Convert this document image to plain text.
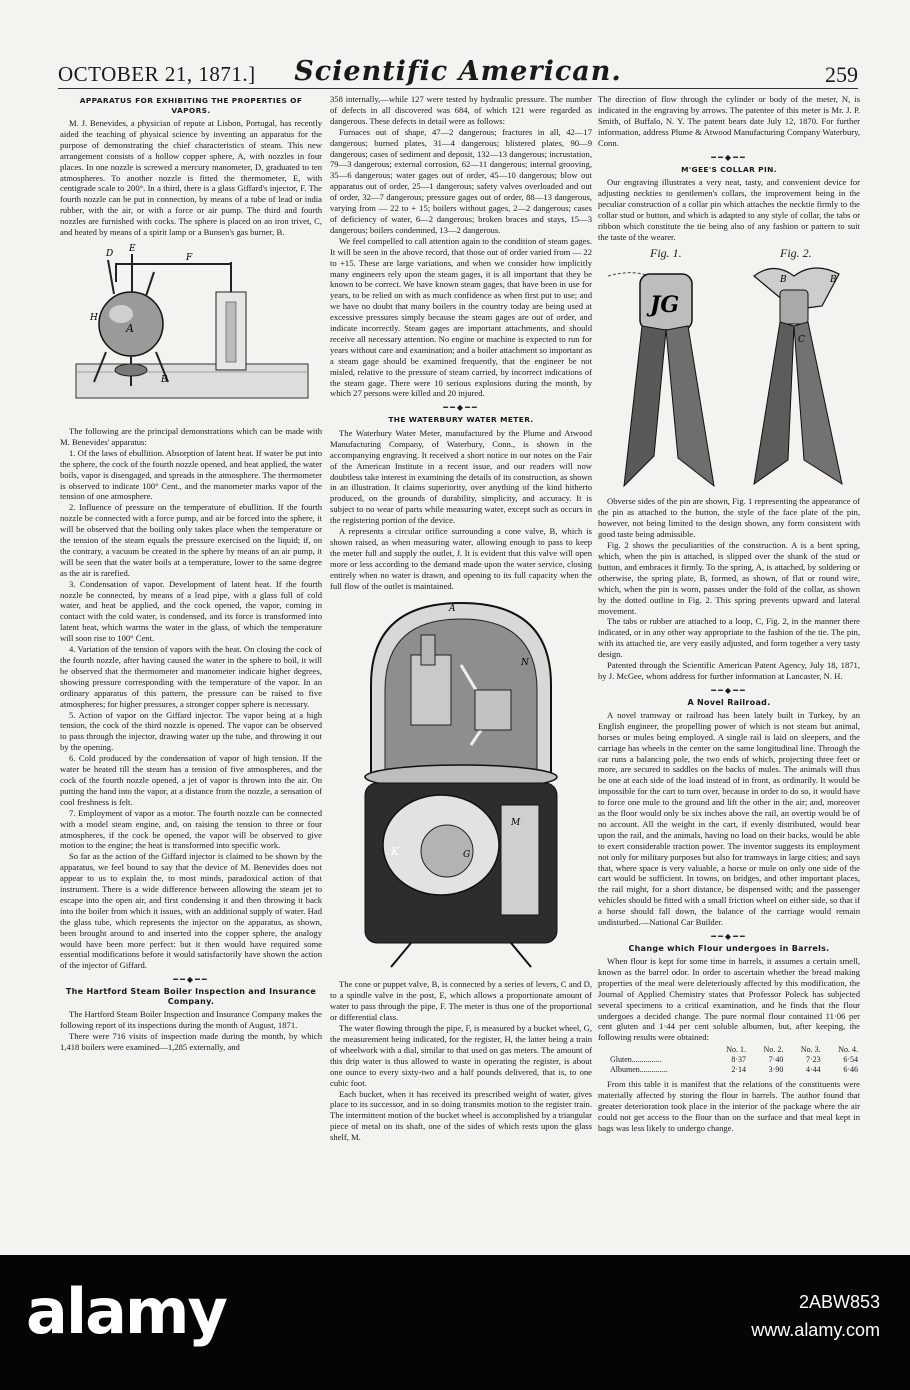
OCTOBER 21, 1871.]	Scientific American.	259
APPARATUS FOR EXHIBITING THE PROPERTIES OF VAPORS.

M. J. Benevides, a physician of repute at Lisbon, Portugal, has recently aided the teaching of physical science by inventing an apparatus for the purpose of demonstrating the chief characteristics of steam. This new arrangement consists of a hollow copper sphere, A, with nozzles in four places. In one nozzle is screwed a mercury manometer, D, graduated to ten atmospheres. To another nozzle is fitted the thermometer, E, with centigrade scale to 200°. In a third, there is a glass Giffard's injector, F. The fourth nozzle can be put in connection, by means of a tube of lead or india rubber, with the air, or with a force or air pump. The third and fourth nozzles are furnished with cocks. The sphere is placed on an iron trivet, C, and heated by means of a spirit lamp or a Bunsen's gas burner, B.

A
D E
F
H
B

The following are the principal demonstrations which can be made with M. Benevides' apparatus:

1. Of the laws of ebullition. Absorption of latent heat. If water be put into the sphere, the cock of the fourth nozzle opened, and heat applied, the water boils, vapor is disengaged, and spreads in the atmosphere. The thermometer is observed to indicate 100° Cent., and the manometer marks vapor of the tension of one atmosphere.

2. Influence of pressure on the temperature of ebullition. If the fourth nozzle be connected with a force pump, and air be forced into the sphere, it will be observed that the boiling only takes place when the temperature or the tension of the steam equals the pressure exercised on the liquid; if, on the contrary, a vacuum be created in the sphere by means of an air pump, it will be seen that the water boils at a temperature, lower to the same degree as the air is rarefied.

3. Condensation of vapor. Development of latent heat. If the fourth nozzle be connected, by means of a lead pipe, with a glass full of cold water, and heat be applied, and the cock opened, the vapor, coming in contact with the cold water, is condensed, and its force is transformed into latent heat, which warms the water in the glass, of which the temperature will soon rise to 100° Cent.

4. Variation of the tension of vapors with the heat. On closing the cock of the fourth nozzle, after having caused the water in the sphere to boil, it will be observed that the thermometer and manometer indicate higher degrees, showing pressure corresponding with the temperature of the vapor. In an ordinary apparatus of this pattern, the pressure can be raised to five atmospheres; for higher pressures, a stronger copper sphere is necessary.

5. Action of vapor on the Giffard injector. The vapor being at a high tension, the cock of the third nozzle is opened. The vapor can be observed to pass through the injector, drawing water up the tube, and throwing it out by the opening.

6. Cold produced by the condensation of vapor of high tension. If the water be heated till the steam has a tension of five atmospheres, and the cock of the fourth nozzle opened, a jet of vapor is thrown into the air. On putting the hand into the vapor, at a distance from the nozzle, a sensation of cool freshness is felt.

7. Employment of vapor as a motor. The fourth nozzle can be connected with a model steam engine, and, on raising the tension to three or four atmospheres, if the cock be opened, the vapor will be observed to give motion to the engine; the heat is transformed into specific work.

So far as the action of the Giffard injector is claimed to be shown by the apparatus, we feel bound to say that the device of M. Benevides does not appear to us to explain the, to most minds, paradoxical action of that instrument. There is a wide difference between allowing the steam jet to escape into the open air, and first condensing it and then throwing it back into the boiler from which it issues, with an additional supply of water. Had the glass tube, which represents the injector on the apparatus, as shown, been brought around to and inserted into the copper sphere, the analogy would have been more perfect: but it then would have required some essential modifications before it would satisfactorily have shown the action of the injector of Giffard.

━━◆━━
The Hartford Steam Boiler Inspection and Insurance Company.

The Hartford Steam Boiler Inspection and Insurance Company makes the following report of its inspections during the month of August, 1871.

There were 716 visits of inspection made during the month, by which 1,418 boilers were examined—1,285 externally, and

358 internally,—while 127 were tested by hydraulic pressure. The number of defects in all discovered was 684, of which 121 were regarded as dangerous. These defects in detail were as follows:

Furnaces out of shape, 47—2 dangerous; fractures in all, 42—17 dangerous; burned plates, 31—4 dangerous; blistered plates, 90—9 dangerous; cases of sediment and deposit, 132—13 dangerous; incrustation, 79—3 dangerous; external corrosion, 62—11 dangerous; internal grooving, 35—6 dangerous; water gages out of order, 45—10 dangerous; blow out apparatus out of order, 25—1 dangerous; safety valves overloaded and out of order, 32—7 dangerous; pressure gages out of order, 88—13 dangerous, varying from — 22 to + 15; boilers without gages, 2—2 dangerous; cases of deficiency of water, 6—2 dangerous; broken braces and stays, 15—3 dangerous; boilers condemned, 13—2 dangerous.

We feel compelled to call attention again to the condition of steam gages. It will be seen in the above record, that those out of order varied from — 22 to +15. These are large variations, and when we consider how implicitly many engineers rely upon the steam gages, it is all important that they be known to be correct. We have known steam gages, that have been in use for years, to be relied on with as much confidence as when first put to use; and we have no doubt that many boilers in the country today are being used at excessive pressures simply because the steam gages are out of order, and indicate incorrectly. Steam gages are important attachments, and should receive all necessary attention. No engine or machine is expected to run for years without care and examination; and a boiler attachment so important as a steam gage should be examined frequently, that the engineer be not misled, relative to the pressure of steam carried, by incorrect indications of the steam gage. There were 10 serious explosions during the month, by which 27 persons were killed and 20 injured.

━━◆━━
THE WATERBURY WATER METER.

The Waterbury Water Meter, manufactured by the Plume and Atwood Manufacturing Company, of Waterbury, Conn., is shown in the accompanying engraving. It received a short notice in our notes on the Fair of the American Institute in a recent issue, and our readers will now doubtless take interest in examining the details of its construction, as shown in an illustration. It claims superiority, over anything of the kind hitherto produced, on the grounds of durability, simplicity, and accuracy. It is subject to no wear of parts while measuring water, except such as occurs in the registering portion of the device.

A represents a circular orifice surrounding a cone valve, B, which is shown raised, as when measuring water, allowing enough to pass to keep the meter full and supply the outlet, J. It is evident that this valve will open more or less according to the demand made upon the water service, closing entirely when no water is drawn, and opening to its full capacity when the full flow of the outlet is maintained.

A
N
K	G
M

The cone or puppet valve, B, is connected by a series of levers, C and D, to a spindle valve in the post, E, which allows a proportionate amount of water to pass through the pipe, F. The meter is thus one of the proportional or differential class.

The water flowing through the pipe, F, is measured by a bucket wheel, G, the measurement being indicated, for the register, H, the latter being a train of wheelwork with a dial, similar to that used on gas meters. The amount of this drip water is thus allowed to waste in operating the register, is about one ounce to every sixty-two and a half pounds delivered, that is, to one cubic foot.

Each bucket, when it has received its prescribed weight of water, gives place to its successor, and in so doing transmits motion to the register train. The intermittent motion of the bucket wheel is accomplished by a triangular piece of metal on its shaft, one of the sides of which rests upon the glass shelf, M.

The direction of flow through the cylinder or body of the meter, N, is indicated in the engraving by arrows. The patentee of this meter is Mr. J. P. Smith, of Buffalo, N. Y. The patent bears date July 12, 1870. For further information, address Plume & Atwood Manufacturing Company Waterbury, Conn.

━━◆━━
M'GEE'S COLLAR PIN.

Our engraving illustrates a very neat, tasty, and convenient device for adjusting neckties to gentlemen's collars, the improvement being in the peculiar construction of a collar pin which attaches the necktie firmly to the collar stud or button, and which is adapted to any style of collar, the tabs or ribbon which constitute the tie being also of any fashion or pattern to suit the taste of the wearer.

JG
B	B
C
Fig. 1.	Fig. 2.

Obverse sides of the pin are shown, Fig. 1 representing the appearance of the pin as attached to the button, the style of the face plate of the pin, however, not being limited to the design shown, any form consistent with good taste being admissible.

Fig. 2 shows the peculiarities of the construction. A is a bent spring, which, when the pin is attached, is slipped over the shank of the stud or button, and embraces it firmly. To the spring, A, is attached, by soldering or otherwise, the spring plate, B, formed, as shown, of flat or round wire, which, when the pin is worn, passes under the fold of the collar, as shown by the dotted outline in Fig. 2. This spring prevents upward and lateral movement.

The tabs or rubber are attached to a loop, C, Fig. 2, in the manner there indicated, or in any other way appropriate to the fashion of the tie. The pin, with its attached tie, are very easily adjusted, and form together a very tasty design.

Patented through the Scientific American Patent Agency, July 18, 1871, by J. McGee, whom address for further information at Lancaster, N. H.

━━◆━━
A Novel Railroad.

A novel tramway or railroad has been lately built in Turkey, by an English engineer, the propelling power of which is not steam but animal, horses or mules being employed. A single rail is laid on sleepers, and the carriage has wheels in the center on the same longitudinal line. Through the car runs a balancing pole, the two ends of which, projecting three feet or more, are secured to saddles on the backs of mules. The animals will thus be one at each side of the load instead of in front, as ordinarily. It would be impossible for the cart to turn over, because in order to do so, it would have to force one mule to the ground and lift the other in the air; and, moreover as the floor would only be six inches above the rail, an overtip would be of no account. All the weight in the cart, if evenly distributed, would bear upon the rail, and the animals, having no load on their backs, would be able to exert considerable traction power. The inventor suggests its employment not only for military purposes but also for tramways in large cities; and says that, where space is very valuable, a horse or mule on only one side of the cart would be sufficient. In towns, on bridges, and other important places, the rail might, for a short distance, be dispensed with; and the passenger vehicles should be fitted with a small friction wheel on either side, so that if a horse should fall down, the balance of the carriage would remain undisturbed.—National Car Builder.

━━◆━━
Change which Flour undergoes in Barrels.

When flour is kept for some time in barrels, it assumes a certain smell, known as the barrel odor. In order to ascertain whether the bread making properties of the meal were deleteriously affected by this modification, the Journal of Applied Chemistry states that Professor Poleck has subjected several specimens to a critical examination, and he finds that the flour undergoes a decided change. The pure normal flour contained 11·06 per cent gluten and 1·44 per cent soluble albumen, but, after keeping, the following results were obtained:

	No. 1.	No. 2.	No. 3.	No. 4.
Gluten...............	8·37	7·40	7·23	6·54
Albumen..............	2·14	3·90	4·44	6·46

From this table it is manifest that the relations of the constituents were materially affected by storing the flour in barrels. The author found that greater deterioration took place in the interior of the package where the air could not get access to the flour than on the surface and that meal kept in bags was less likely to undergo change.

alamy	2ABW853
www.alamy.com
